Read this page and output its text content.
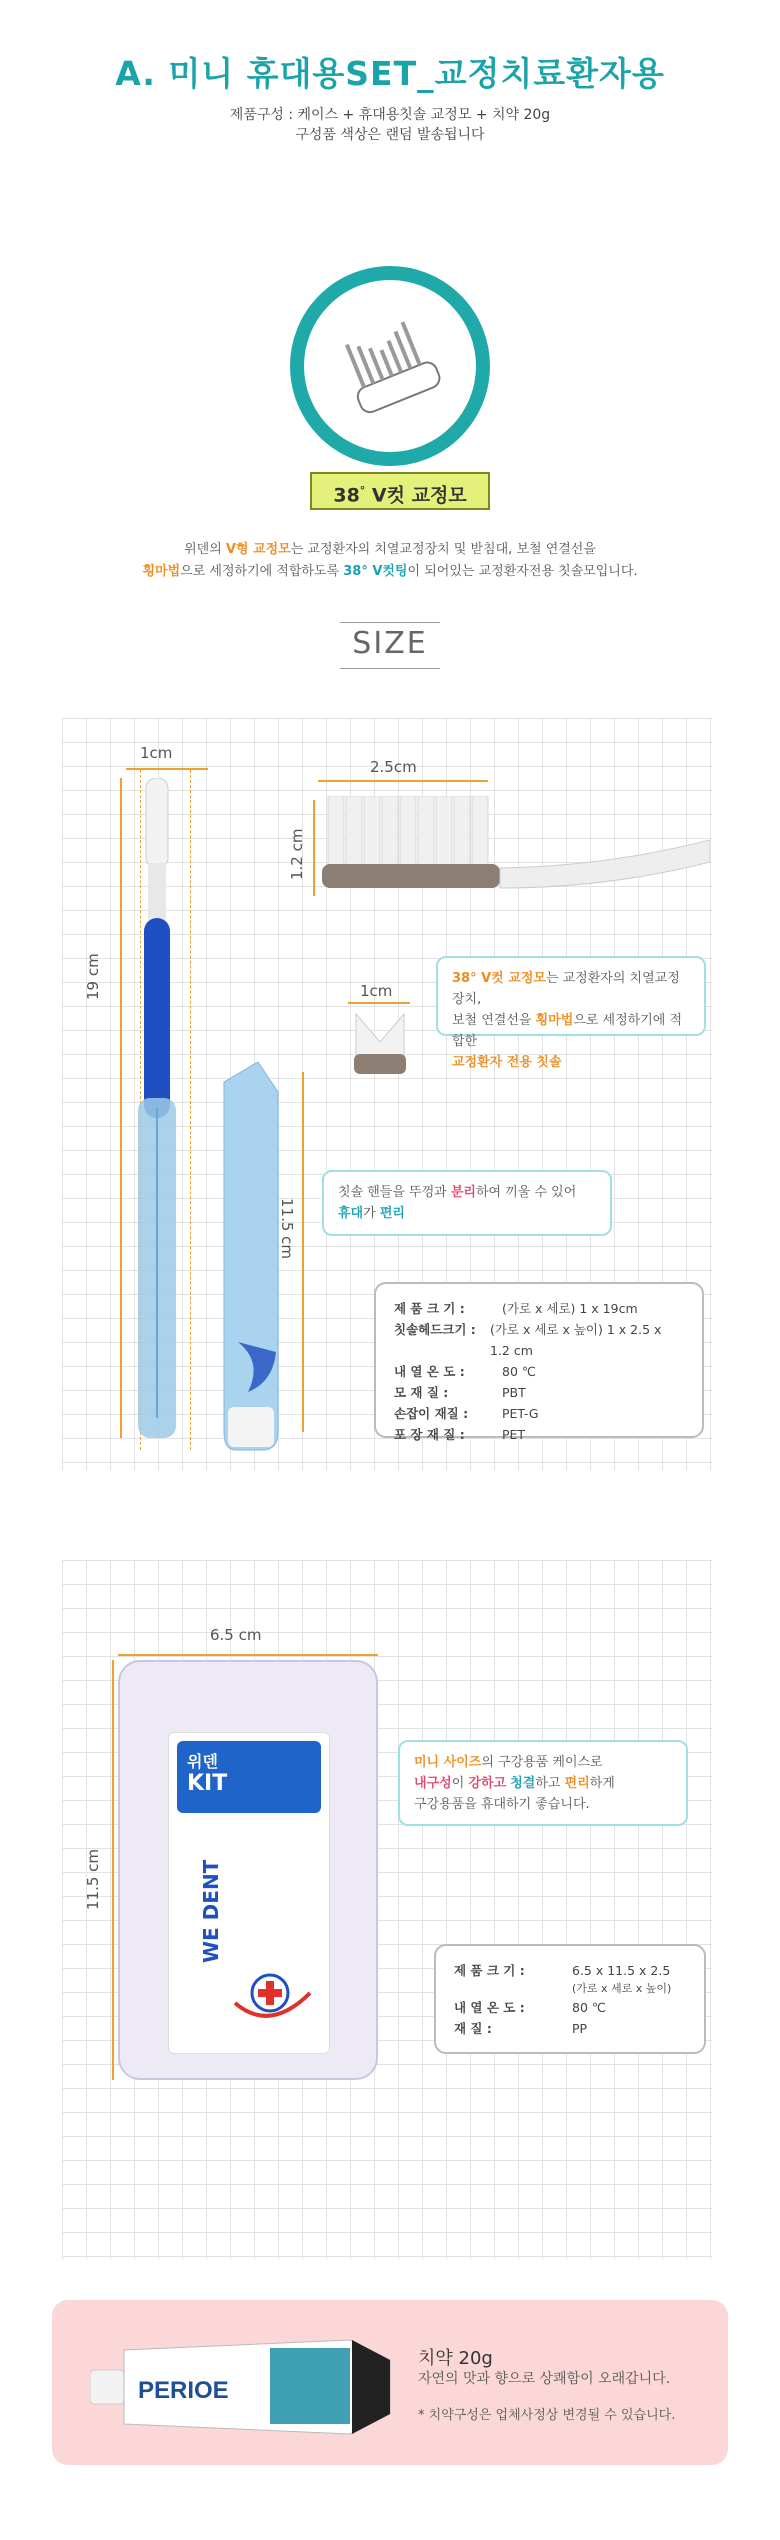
A. 미니 휴대용SET_교정치료환자용
제품구성 : 케이스 + 휴대용칫솔 교정모 + 치약 20g
구성품 색상은 랜덤 발송됩니다
38° V컷 교정모
위덴의 V형 교정모는 교정환자의 치열교정장치 및 받침대, 보철 연결선을
횡마법으로 세정하기에 적합하도록 38° V컷팅이 되어있는 교정환자전용 칫솔모입니다.
SIZE
1cm
19 cm
11.5 cm
2.5cm
1.2 cm
1cm
38° V컷 교정모는 교정환자의 치열교정장치,
보철 연결선을 횡마법으로 세정하기에 적합한
교정환자 전용 칫솔
칫솔 핸들을 뚜껑과 분리하여 끼울 수 있어
휴대가 편리
제 품 크 기 :	(가로 x 세로) 1 x 19cm
칫솔헤드크기 :	(가로 x 세로 x 높이) 1 x 2.5 x 1.2 cm
내 열 온 도 :	80 ℃
모 재 질 :	PBT
손잡이 재질 :	PET-G
포 장 재 질 :	PET
6.5 cm
11.5 cm
위덴
KIT
WE DENT
미니 사이즈의 구강용품 케이스로
내구성이 강하고 청결하고 편리하게
구강용품을 휴대하기 좋습니다.
제 품 크 기 :	6.5 x 11.5 x 2.5
(가로 x 세로 x 높이)
내 열 온 도 :	80 ℃
재 질 :	PP
PERIOE
치약 20g
자연의 맛과 향으로 상쾌함이 오래갑니다.
* 치약구성은 업체사정상 변경될 수 있습니다.
